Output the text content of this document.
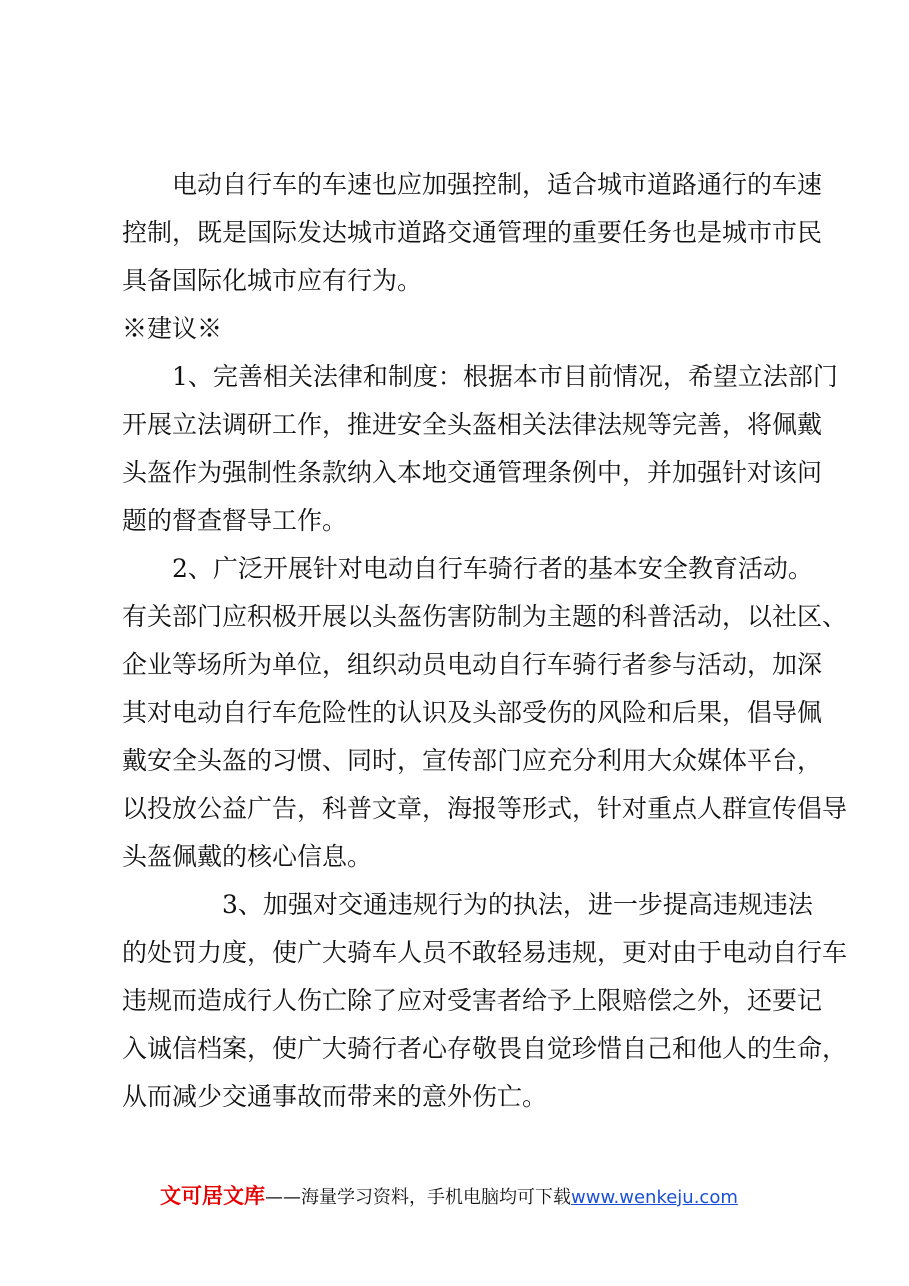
电动自行车的车速也应加强控制，适合城市道路通行的车速
控制，既是国际发达城市道路交通管理的重要任务也是城市市民
具备国际化城市应有行为。
※建议※
1、完善相关法律和制度：根据本市目前情况，希望立法部门
开展立法调研工作，推进安全头盔相关法律法规等完善，将佩戴
头盔作为强制性条款纳入本地交通管理条例中，并加强针对该问
题的督查督导工作。
2、广泛开展针对电动自行车骑行者的基本安全教育活动。
有关部门应积极开展以头盔伤害防制为主题的科普活动，以社区、
企业等场所为单位，组织动员电动自行车骑行者参与活动，加深
其对电动自行车危险性的认识及头部受伤的风险和后果，倡导佩
戴安全头盔的习惯、同时，宣传部门应充分利用大众媒体平台，
以投放公益广告，科普文章，海报等形式，针对重点人群宣传倡导
头盔佩戴的核心信息。
3、加强对交通违规行为的执法，进一步提高违规违法
的处罚力度，使广大骑车人员不敢轻易违规，更对由于电动自行车
违规而造成行人伤亡除了应对受害者给予上限赔偿之外，还要记
入诚信档案，使广大骑行者心存敬畏自觉珍惜自己和他人的生命，
从而减少交通事故而带来的意外伤亡。
文可居文库——海量学习资料，手机电脑均可下载www.wenkeju.com
